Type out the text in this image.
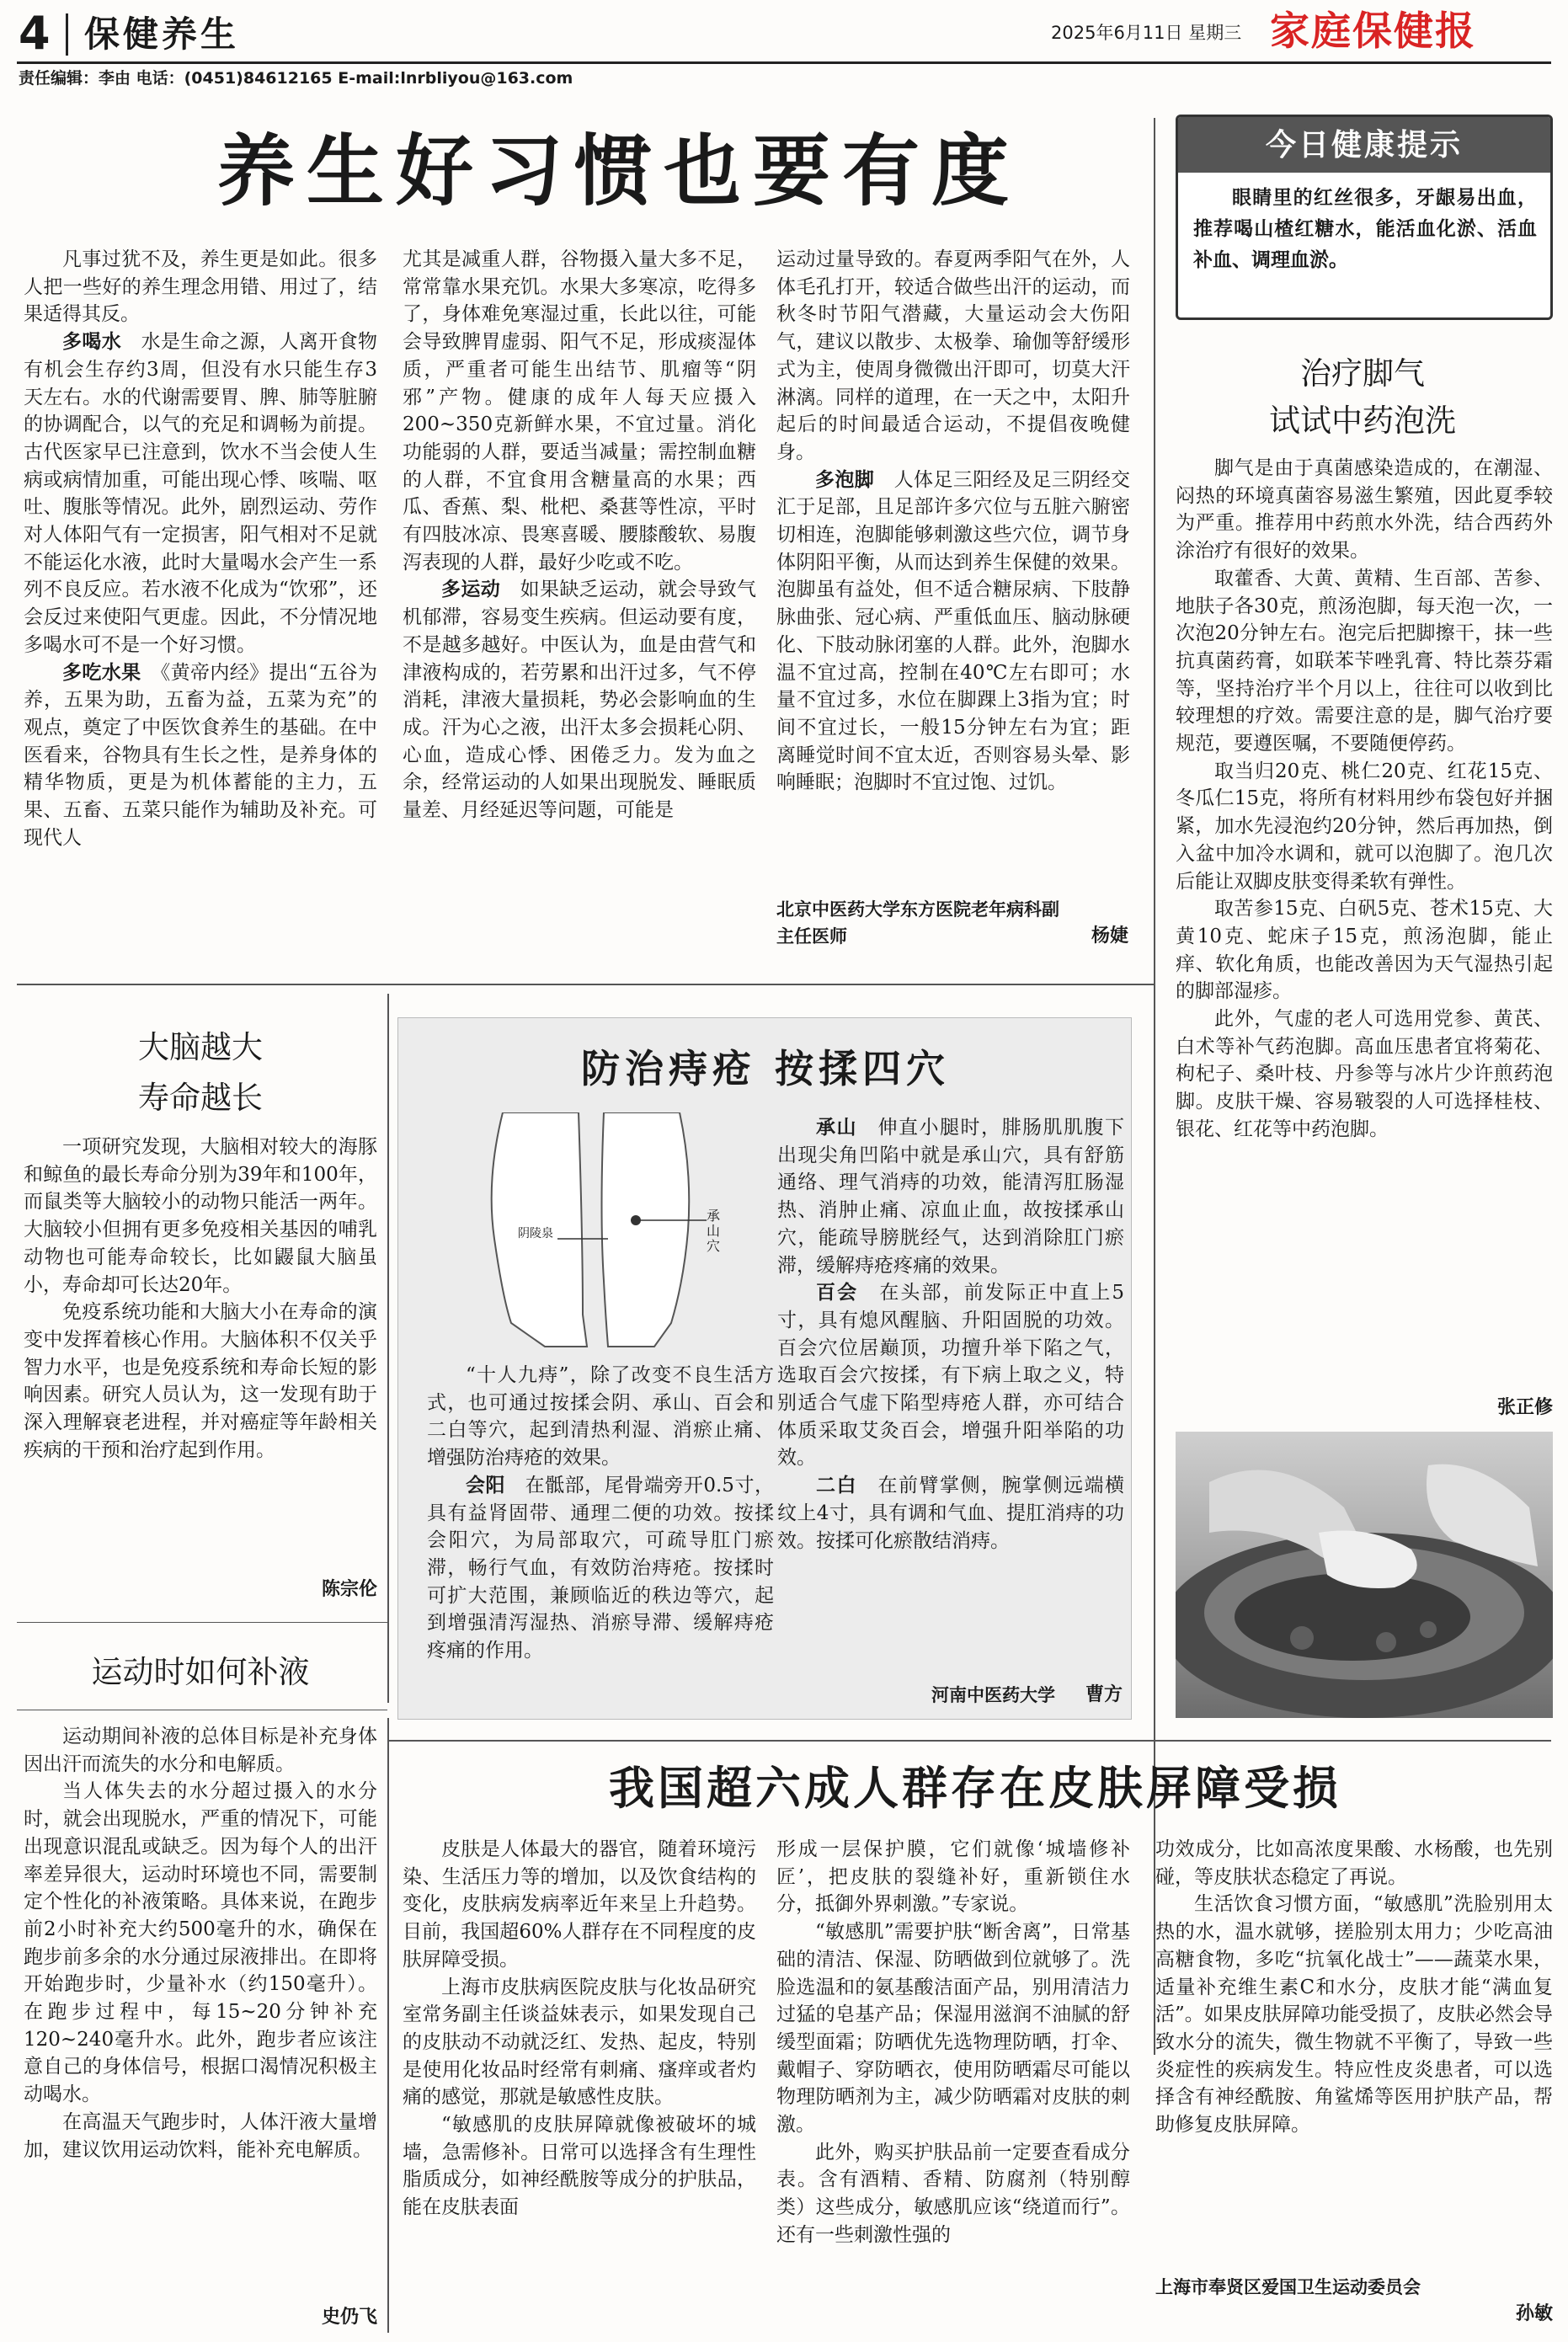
4 保健养生	2025年6月11日 星期三 家庭保健报
责任编辑：李由 电话：(0451)84612165 E-mail:lnrbliyou@163.com
养生好习惯也要有度

凡事过犹不及，养生更是如此。很多人把一些好的养生理念用错、用过了，结果适得其反。

多喝水　 水是生命之源，人离开食物有机会生存约3周，但没有水只能生存3天左右。水的代谢需要胃、脾、肺等脏腑的协调配合，以气的充足和调畅为前提。古代医家早已注意到，饮水不当会使人生病或病情加重，可能出现心悸、咳喘、呕吐、腹胀等情况。此外，剧烈运动、劳作对人体阳气有一定损害，阳气相对不足就不能运化水液，此时大量喝水会产生一系列不良反应。若水液不化成为“饮邪”，还会反过来使阳气更虚。因此，不分情况地多喝水可不是一个好习惯。

多吃水果　 《黄帝内经》提出“五谷为养，五果为助，五畜为益，五菜为充”的观点，奠定了中医饮食养生的基础。在中医看来，谷物具有生长之性，是养身体的精华物质，更是为机体蓄能的主力，五果、五畜、五菜只能作为辅助及补充。可现代人

尤其是减重人群，谷物摄入量大多不足，常常靠水果充饥。水果大多寒凉，吃得多了，身体难免寒湿过重，长此以往，可能会导致脾胃虚弱、阳气不足，形成痰湿体质，严重者可能生出结节、肌瘤等“阴邪”产物。健康的成年人每天应摄入200~350克新鲜水果，不宜过量。消化功能弱的人群，要适当减量；需控制血糖的人群，不宜食用含糖量高的水果；西瓜、香蕉、梨、枇杷、桑葚等性凉，平时有四肢冰凉、畏寒喜暖、腰膝酸软、易腹泻表现的人群，最好少吃或不吃。

多运动　 如果缺乏运动，就会导致气机郁滞，容易变生疾病。但运动要有度，不是越多越好。中医认为，血是由营气和津液构成的，若劳累和出汗过多，气不停消耗，津液大量损耗，势必会影响血的生成。汗为心之液，出汗太多会损耗心阴、心血，造成心悸、困倦乏力。发为血之余，经常运动的人如果出现脱发、睡眠质量差、月经延迟等问题，可能是

运动过量导致的。春夏两季阳气在外，人体毛孔打开，较适合做些出汗的运动，而秋冬时节阳气潜藏，大量运动会大伤阳气，建议以散步、太极拳、瑜伽等舒缓形式为主，使周身微微出汗即可，切莫大汗淋漓。同样的道理，在一天之中，太阳升起后的时间最适合运动，不提倡夜晚健身。

多泡脚　 人体足三阳经及足三阴经交汇于足部，且足部许多穴位与五脏六腑密切相连，泡脚能够刺激这些穴位，调节身体阴阳平衡，从而达到养生保健的效果。泡脚虽有益处，但不适合糖尿病、下肢静脉曲张、冠心病、严重低血压、脑动脉硬化、下肢动脉闭塞的人群。此外，泡脚水温不宜过高，控制在40℃左右即可；水量不宜过多，水位在脚踝上3指为宜；时间不宜过长，一般15分钟左右为宜；距离睡觉时间不宜太近，否则容易头晕、影响睡眠；泡脚时不宜过饱、过饥。

北京中医药大学东方医院老年病科副主任医师	杨婕
今日健康提示
眼睛里的红丝很多，牙龈易出血，推荐喝山楂红糖水，能活血化淤、活血补血、调理血淤。
治疗脚气
试试中药泡洗

脚气是由于真菌感染造成的，在潮湿、闷热的环境真菌容易滋生繁殖，因此夏季较为严重。推荐用中药煎水外洗，结合西药外涂治疗有很好的效果。

取藿香、大黄、黄精、生百部、苦参、地肤子各30克，煎汤泡脚，每天泡一次，一次泡20分钟左右。泡完后把脚擦干，抹一些抗真菌药膏，如联苯苄唑乳膏、特比萘芬霜等，坚持治疗半个月以上，往往可以收到比较理想的疗效。需要注意的是，脚气治疗要规范，要遵医嘱，不要随便停药。

取当归20克、桃仁20克、红花15克、冬瓜仁15克，将所有材料用纱布袋包好并捆紧，加水先浸泡约20分钟，然后再加热，倒入盆中加冷水调和，就可以泡脚了。泡几次后能让双脚皮肤变得柔软有弹性。

取苦参15克、白矾5克、苍术15克、大黄10克、蛇床子15克，煎汤泡脚，能止痒、软化角质，也能改善因为天气湿热引起的脚部湿疹。

此外，气虚的老人可选用党参、黄芪、白术等补气药泡脚。高血压患者宜将菊花、枸杞子、桑叶枝、丹参等与冰片少许煎药泡脚。皮肤干燥、容易皲裂的人可选择桂枝、银花、红花等中药泡脚。

张正修
大脑越大
寿命越长

一项研究发现，大脑相对较大的海豚和鲸鱼的最长寿命分别为39年和100年，而鼠类等大脑较小的动物只能活一两年。大脑较小但拥有更多免疫相关基因的哺乳动物也可能寿命较长，比如鼹鼠大脑虽小，寿命却可长达20年。

免疫系统功能和大脑大小在寿命的演变中发挥着核心作用。大脑体积不仅关乎智力水平，也是免疫系统和寿命长短的影响因素。研究人员认为，这一发现有助于深入理解衰老进程，并对癌症等年龄相关疾病的干预和治疗起到作用。

陈宗伦
防治痔疮 按揉四穴
阴陵泉
承山穴

“十人九痔”，除了改变不良生活方式，也可通过按揉会阴、承山、百会和二白等穴，起到清热利湿、消瘀止痛、增强防治痔疮的效果。

会阳　 在骶部，尾骨端旁开0.5寸，具有益肾固带、通理二便的功效。按揉会阳穴，为局部取穴，可疏导肛门瘀滞，畅行气血，有效防治痔疮。按揉时可扩大范围，兼顾临近的秩边等穴，起到增强清泻湿热、消瘀导滞、缓解痔疮疼痛的作用。

承山　 伸直小腿时，腓肠肌肌腹下出现尖角凹陷中就是承山穴，具有舒筋通络、理气消痔的功效，能清泻肛肠湿热、消肿止痛、凉血止血，故按揉承山穴，能疏导膀胱经气，达到消除肛门瘀滞，缓解痔疮疼痛的效果。

百会　 在头部，前发际正中直上5寸，具有熄风醒脑、升阳固脱的功效。百会穴位居巅顶，功擅升举下陷之气，选取百会穴按揉，有下病上取之义，特别适合气虚下陷型痔疮人群，亦可结合体质采取艾灸百会，增强升阳举陷的功效。

二白　 在前臂掌侧，腕掌侧远端横纹上4寸，具有调和气血、提肛消痔的功效。按揉可化瘀散结消痔。

河南中医药大学	曹方
运动时如何补液

运动期间补液的总体目标是补充身体因出汗而流失的水分和电解质。

当人体失去的水分超过摄入的水分时，就会出现脱水，严重的情况下，可能出现意识混乱或缺乏。因为每个人的出汗率差异很大，运动时环境也不同，需要制定个性化的补液策略。具体来说，在跑步前2小时补充大约500毫升的水，确保在跑步前多余的水分通过尿液排出。在即将开始跑步时，少量补水（约150毫升）。在跑步过程中，每15~20分钟补充120~240毫升水。此外，跑步者应该注意自己的身体信号，根据口渴情况积极主动喝水。

在高温天气跑步时，人体汗液大量增加，建议饮用运动饮料，能补充电解质。

史仍飞
我国超六成人群存在皮肤屏障受损

皮肤是人体最大的器官，随着环境污染、生活压力等的增加，以及饮食结构的变化，皮肤病发病率近年来呈上升趋势。目前，我国超60%人群存在不同程度的皮肤屏障受损。

上海市皮肤病医院皮肤与化妆品研究室常务副主任谈益妹表示，如果发现自己的皮肤动不动就泛红、发热、起皮，特别是使用化妆品时经常有刺痛、瘙痒或者灼痛的感觉，那就是敏感性皮肤。

“敏感肌的皮肤屏障就像被破坏的城墙，急需修补。日常可以选择含有生理性脂质成分，如神经酰胺等成分的护肤品，能在皮肤表面

形成一层保护膜，它们就像‘城墙修补匠’，把皮肤的裂缝补好，重新锁住水分，抵御外界刺激。”专家说。

“敏感肌”需要护肤“断舍离”，日常基础的清洁、保湿、防晒做到位就够了。洗脸选温和的氨基酸洁面产品，别用清洁力过猛的皂基产品；保湿用滋润不油腻的舒缓型面霜；防晒优先选物理防晒，打伞、戴帽子、穿防晒衣，使用防晒霜尽可能以物理防晒剂为主，减少防晒霜对皮肤的刺激。

此外，购买护肤品前一定要查看成分表。含有酒精、香精、防腐剂（特别醇类）这些成分，敏感肌应该“绕道而行”。还有一些刺激性强的

功效成分，比如高浓度果酸、水杨酸，也先别碰，等皮肤状态稳定了再说。

生活饮食习惯方面，“敏感肌”洗脸别用太热的水，温水就够，搓脸别太用力；少吃高油高糖食物，多吃“抗氧化战士”——蔬菜水果，适量补充维生素C和水分，皮肤才能“满血复活”。如果皮肤屏障功能受损了，皮肤必然会导致水分的流失，微生物就不平衡了，导致一些炎症性的疾病发生。特应性皮炎患者，可以选择含有神经酰胺、角鲨烯等医用护肤产品，帮助修复皮肤屏障。

上海市奉贤区爱国卫生运动委员会
孙敏
